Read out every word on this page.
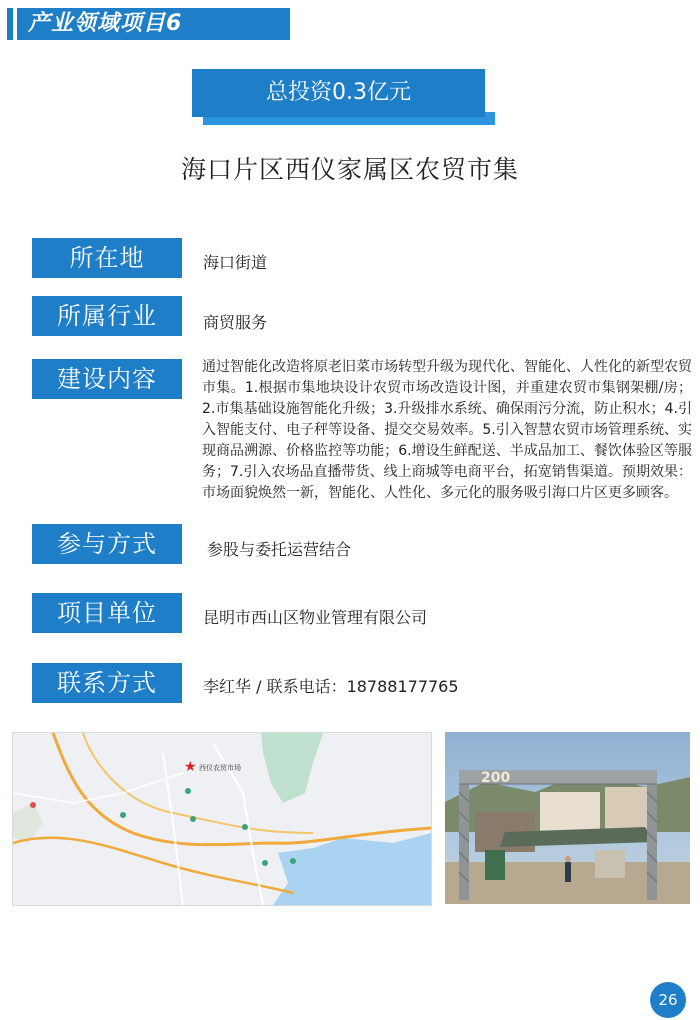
产业领域项目6
总投资0.3亿元
海口片区西仪家属区农贸市集
所在地	海口街道
所属行业	商贸服务
建设内容	通过智能化改造将原老旧菜市场转型升级为现代化、智能化、人性化的新型农贸市集。1.根据市集地块设计农贸市场改造设计图，并重建农贸市集钢架棚/房；2.市集基础设施智能化升级；3.升级排水系统、确保雨污分流，防止积水；4.引入智能支付、电子秤等设备、提交交易效率。5.引入智慧农贸市场管理系统、实现商品溯源、价格监控等功能；6.增设生鲜配送、半成品加工、餐饮体验区等服务；7.引入农场品直播带货、线上商城等电商平台，拓宽销售渠道。预期效果：市场面貌焕然一新，智能化、人性化、多元化的服务吸引海口片区更多顾客。
参与方式	参股与委托运营结合
项目单位	昆明市西山区物业管理有限公司
联系方式	李红华 / 联系电话：18788177765
★ 西仪农贸市场
200
26
